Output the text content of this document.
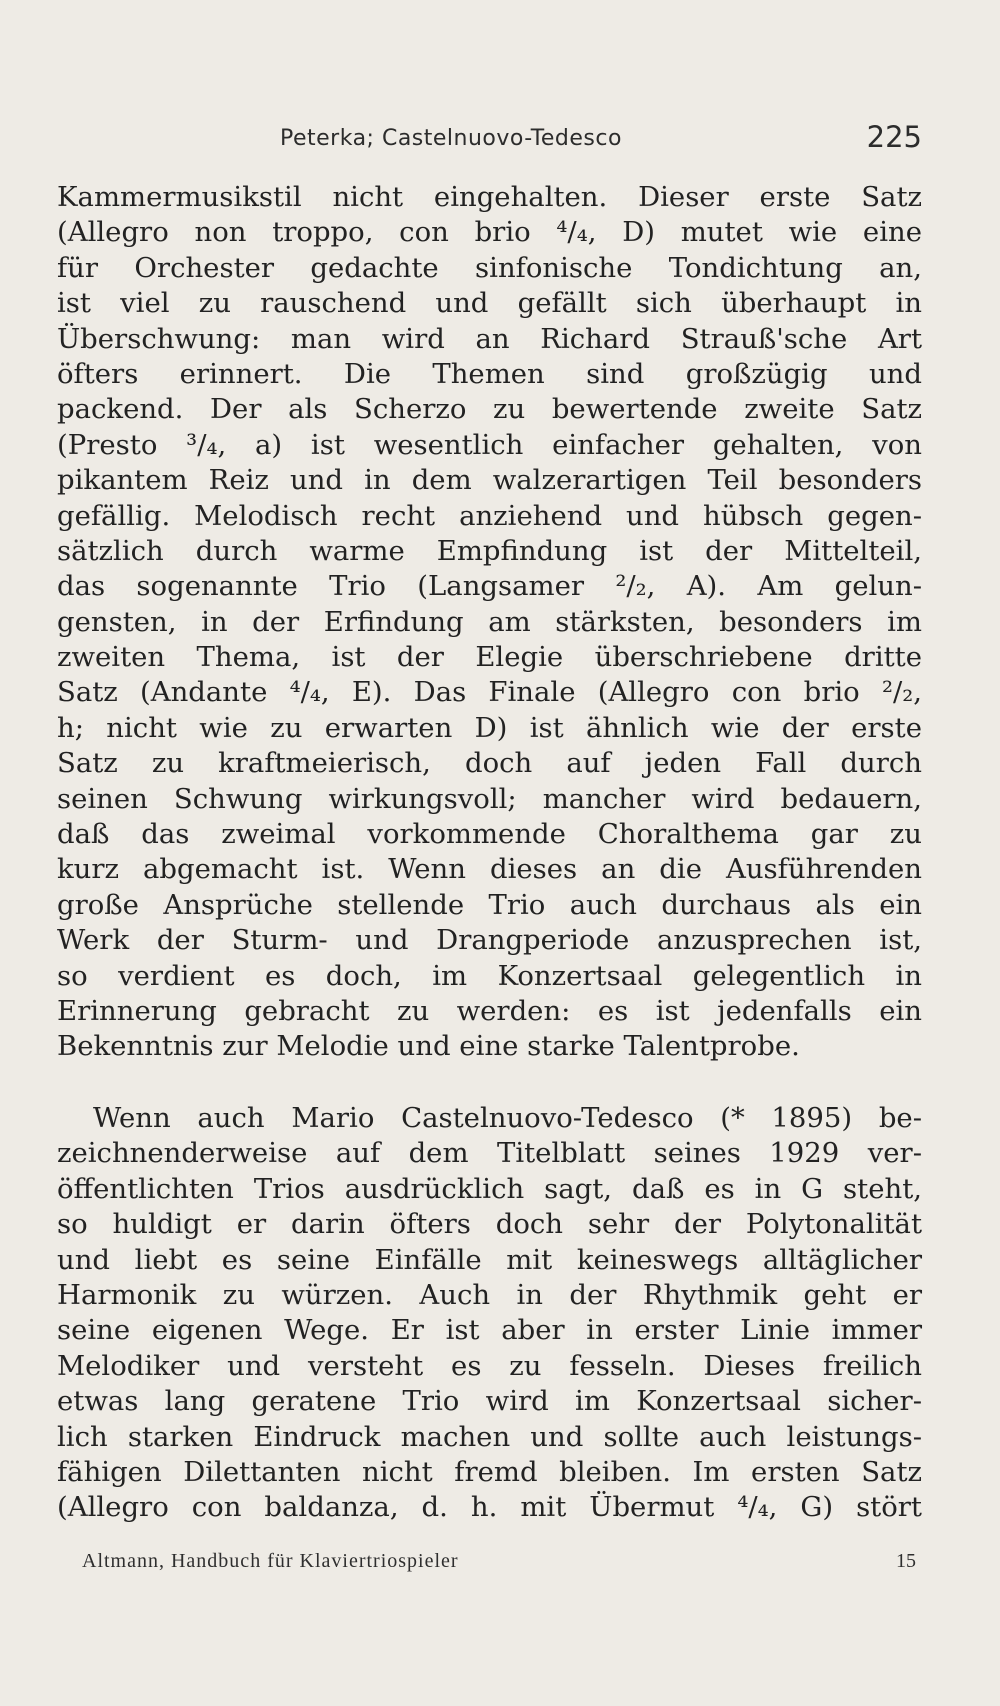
Peterka; Castelnuovo-Tedesco	225
Kammermusikstil nicht eingehalten. Dieser erste Satz
(Allegro non troppo, con brio ⁴/₄, D) mutet wie eine
für Orchester gedachte sinfonische Tondichtung an,
ist viel zu rauschend und gefällt sich überhaupt in
Überschwung: man wird an Richard Strauß'sche Art
öfters erinnert. Die Themen sind großzügig und
packend. Der als Scherzo zu bewertende zweite Satz
(Presto ³/₄, a) ist wesentlich einfacher gehalten, von
pikantem Reiz und in dem walzerartigen Teil besonders
gefällig. Melodisch recht anziehend und hübsch gegen-
sätzlich durch warme Empfindung ist der Mittelteil,
das sogenannte Trio (Langsamer ²/₂, A). Am gelun-
gensten, in der Erfindung am stärksten, besonders im
zweiten Thema, ist der Elegie überschriebene dritte
Satz (Andante ⁴/₄, E). Das Finale (Allegro con brio ²/₂,
h; nicht wie zu erwarten D) ist ähnlich wie der erste
Satz zu kraftmeierisch, doch auf jeden Fall durch
seinen Schwung wirkungsvoll; mancher wird bedauern,
daß das zweimal vorkommende Choralthema gar zu
kurz abgemacht ist. Wenn dieses an die Ausführenden
große Ansprüche stellende Trio auch durchaus als ein
Werk der Sturm- und Drangperiode anzusprechen ist,
so verdient es doch, im Konzertsaal gelegentlich in
Erinnerung gebracht zu werden: es ist jedenfalls ein
Bekenntnis zur Melodie und eine starke Talentprobe.
Wenn auch Mario Castelnuovo-Tedesco (* 1895) be-
zeichnenderweise auf dem Titelblatt seines 1929 ver-
öffentlichten Trios ausdrücklich sagt, daß es in G steht,
so huldigt er darin öfters doch sehr der Polytonalität
und liebt es seine Einfälle mit keineswegs alltäglicher
Harmonik zu würzen. Auch in der Rhythmik geht er
seine eigenen Wege. Er ist aber in erster Linie immer
Melodiker und versteht es zu fesseln. Dieses freilich
etwas lang geratene Trio wird im Konzertsaal sicher-
lich starken Eindruck machen und sollte auch leistungs-
fähigen Dilettanten nicht fremd bleiben. Im ersten Satz
(Allegro con baldanza, d. h. mit Übermut ⁴/₄, G) stört
Altmann, Handbuch für Klaviertriospieler	15
